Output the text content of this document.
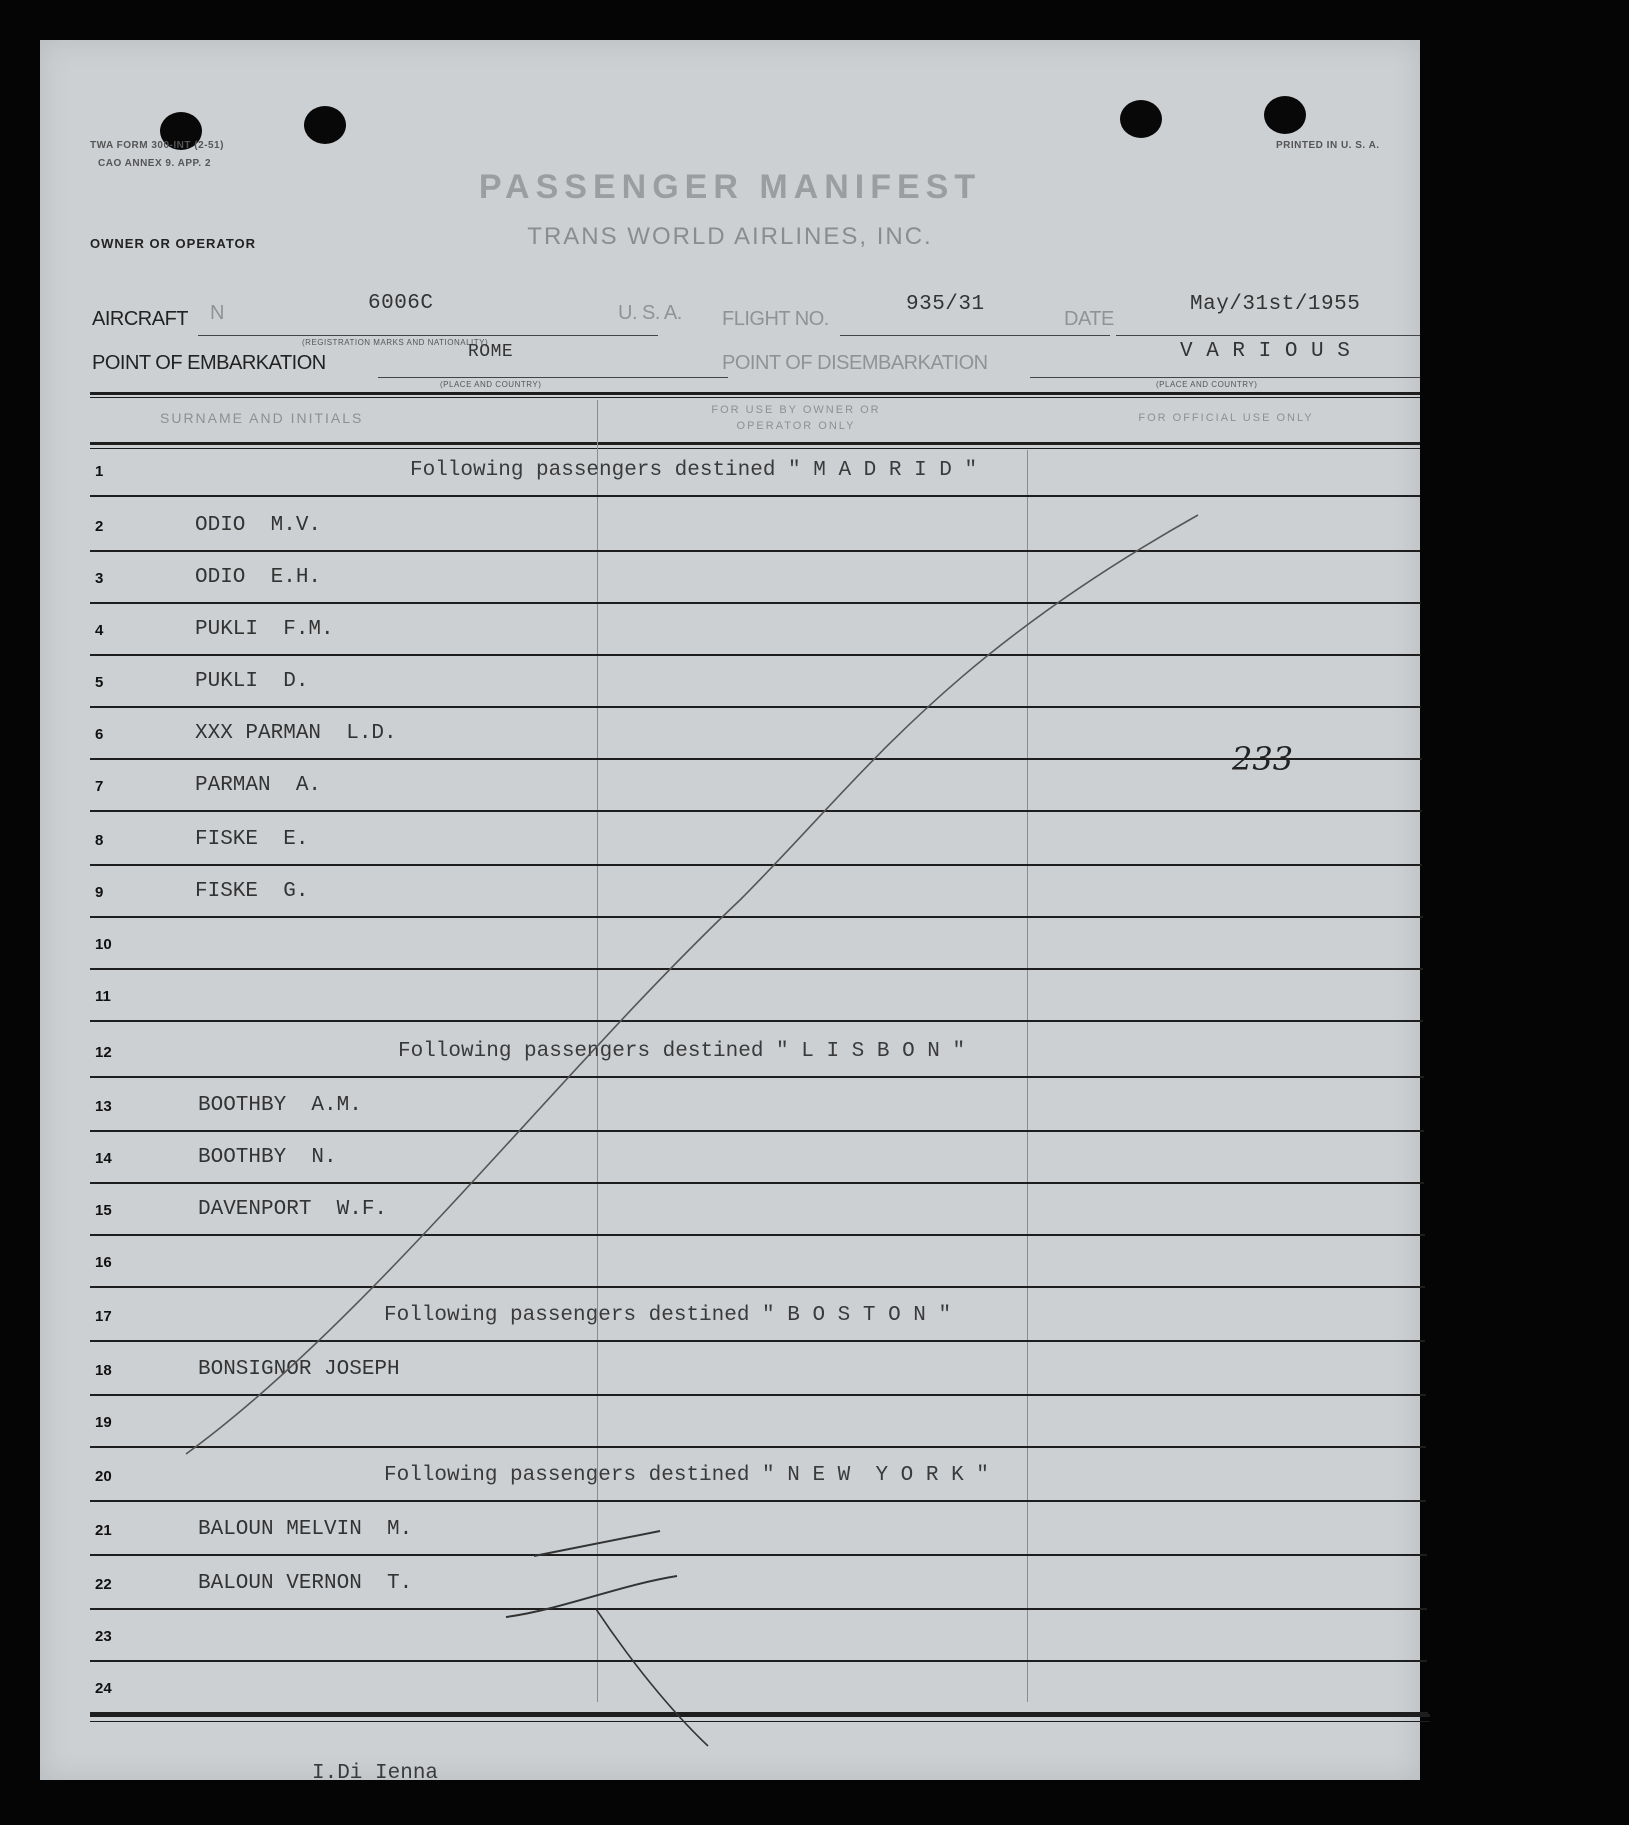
TWA FORM 300-INT (2-51)
CAO ANNEX 9. APP. 2
PRINTED IN U. S. A.
PASSENGER MANIFEST
TRANS WORLD AIRLINES, INC.
OWNER OR OPERATOR
AIRCRAFT N	6006C
(REGISTRATION MARKS AND NATIONALITY)
U. S. A. FLIGHT NO.
935/31
DATE
May/31st/1955
POINT OF EMBARKATION	ROME
(PLACE AND COUNTRY)
POINT OF DISEMBARKATION	V A R I O U S
(PLACE AND COUNTRY)
SURNAME AND INITIALS	FOR USE BY OWNER OR OPERATOR ONLY
FOR OFFICIAL USE ONLY
1	Following passengers destined " M A D R I D "
2	ODIO  M.V.
3	ODIO  E.H.
4	PUKLI  F.M.
5	PUKLI  D.
6	XXX PARMAN  L.D.
7	PARMAN  A.
8	FISKE  E.
9	FISKE  G.
10
11
12	Following passengers destined " L I S B O N "
13	BOOTHBY  A.M.
14	BOOTHBY  N.
15	DAVENPORT  W.F.
16
17	Following passengers destined " B O S T O N "
18	BONSIGNOR JOSEPH
19
20	Following passengers destined " N E W  Y O R K "
21	BALOUN MELVIN  M.
22	BALOUN VERNON  T.
23
24
233
I.Di Ienna
